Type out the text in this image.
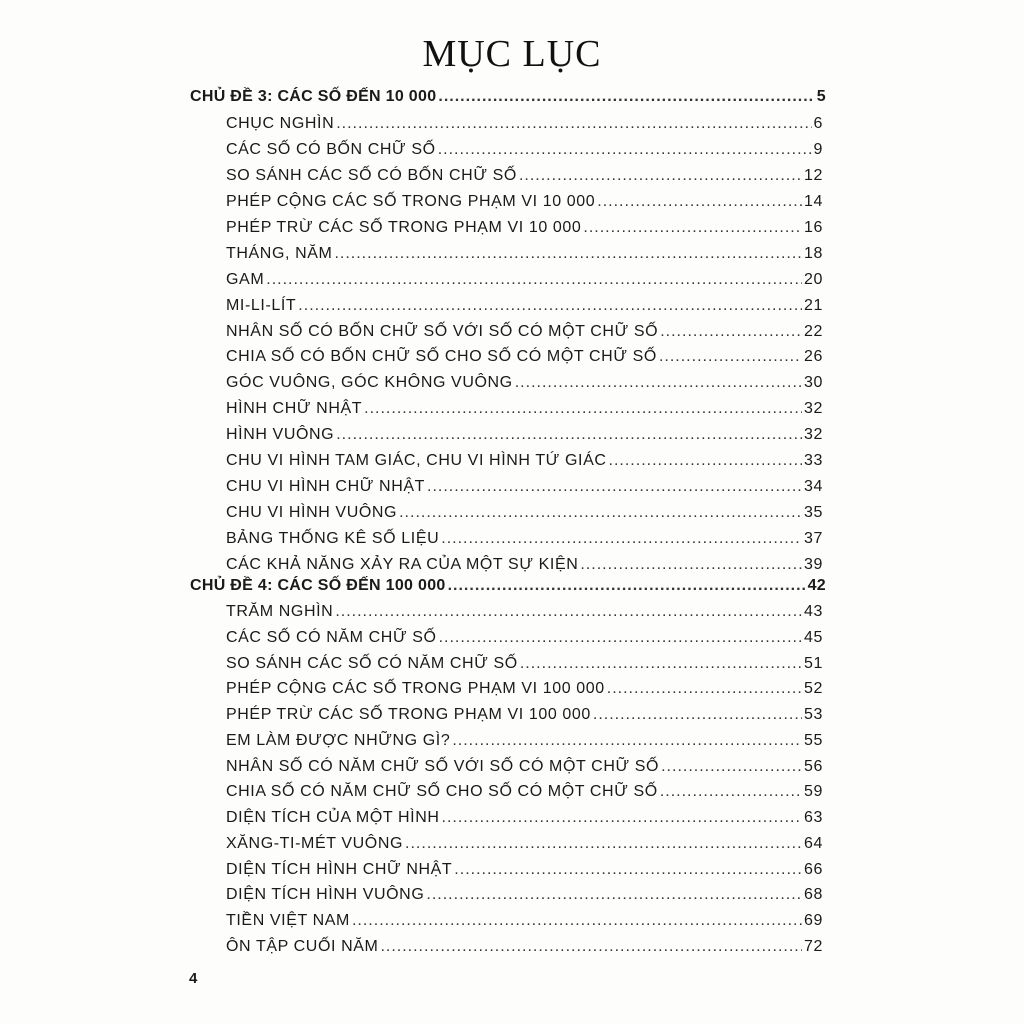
MỤC LỤC
CHỦ ĐỀ 3: CÁC SỐ ĐẾN 10 000 .....	5
CHỤC NGHÌN .....	6
CÁC SỐ CÓ BỐN CHỮ SỐ .....	9
SO SÁNH CÁC SỐ CÓ BỐN CHỮ SỐ .....	12
PHÉP CỘNG CÁC SỐ TRONG PHẠM VI 10 000 .....	14
PHÉP TRỪ CÁC SỐ TRONG PHẠM VI 10 000 .....	16
THÁNG, NĂM .....	18
GAM .....	20
MI-LI-LÍT .....	21
NHÂN SỐ CÓ BỐN CHỮ SỐ VỚI SỐ CÓ MỘT CHỮ SỐ .....	22
CHIA SỐ CÓ BỐN CHỮ SỐ CHO SỐ CÓ MỘT CHỮ SỐ .....	26
GÓC VUÔNG, GÓC KHÔNG VUÔNG .....	30
HÌNH CHỮ NHẬT .....	32
HÌNH VUÔNG .....	32
CHU VI HÌNH TAM GIÁC, CHU VI HÌNH TỨ GIÁC .....	33
CHU VI HÌNH CHỮ NHẬT .....	34
CHU VI HÌNH VUÔNG .....	35
BẢNG THỐNG KÊ SỐ LIỆU .....	37
CÁC KHẢ NĂNG XẢY RA CỦA MỘT SỰ KIỆN .....	39
CHỦ ĐỀ 4: CÁC SỐ ĐẾN 100 000 .....	42
TRĂM NGHÌN .....	43
CÁC SỐ CÓ NĂM CHỮ SỐ .....	45
SO SÁNH CÁC SỐ CÓ NĂM CHỮ SỐ .....	51
PHÉP CỘNG CÁC SỐ TRONG PHẠM VI 100 000 .....	52
PHÉP TRỪ CÁC SỐ TRONG PHẠM VI 100 000 .....	53
EM LÀM ĐƯỢC NHỮNG GÌ? .....	55
NHÂN SỐ CÓ NĂM CHỮ SỐ VỚI SỐ CÓ MỘT CHỮ SỐ .....	56
CHIA SỐ CÓ NĂM CHỮ SỐ CHO SỐ CÓ MỘT CHỮ SỐ .....	59
DIỆN TÍCH CỦA MỘT HÌNH .....	63
XĂNG-TI-MÉT VUÔNG .....	64
DIỆN TÍCH HÌNH CHỮ NHẬT .....	66
DIỆN TÍCH HÌNH VUÔNG .....	68
TIỀN VIỆT NAM .....	69
ÔN TẬP CUỐI NĂM .....	72
4
